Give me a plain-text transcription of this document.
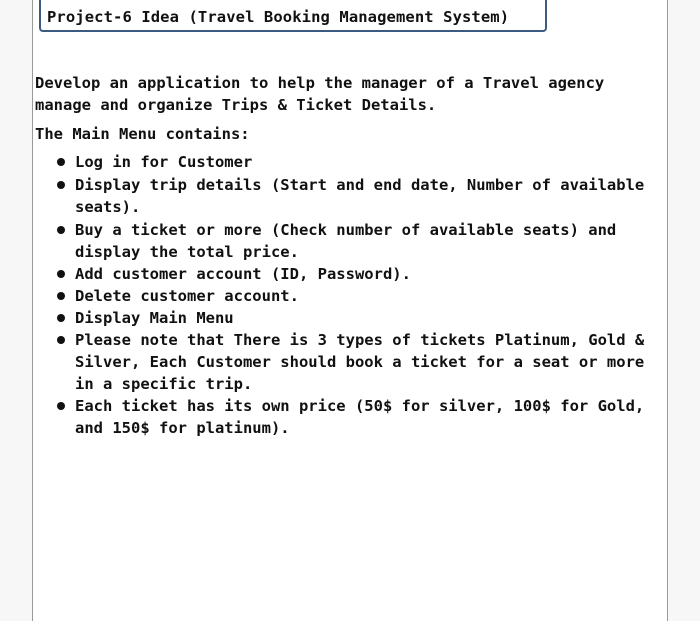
Project-6 Idea (Travel Booking Management System)

Develop an application to help the manager of a Travel agency manage and organize Trips & Ticket Details.

The Main Menu contains:

Log in for Customer
Display trip details (Start and end date, Number of available seats).
Buy a ticket or more (Check number of available seats) and display the total price.
Add customer account (ID, Password).
Delete customer account.
Display Main Menu
Please note that There is 3 types of tickets Platinum, Gold & Silver, Each Customer should book a ticket for a seat or more in a specific trip.
Each ticket has its own price (50$ for silver, 100$ for Gold, and 150$ for platinum).
